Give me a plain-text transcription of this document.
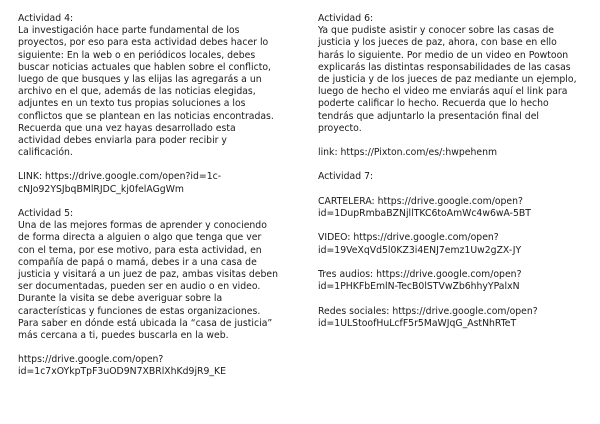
Actividad 4:
La investigación hace parte fundamental de los
proyectos, por eso para esta actividad debes hacer lo
siguiente: En la web o en periódicos locales, debes
buscar noticias actuales que hablen sobre el conflicto,
luego de que busques y las elijas las agregarás a un
archivo en el que, además de las noticias elegidas,
adjuntes en un texto tus propias soluciones a los
conflictos que se plantean en las noticias encontradas.
Recuerda que una vez hayas desarrollado esta
actividad debes enviarla para poder recibir y
calificación.
LINK: https://drive.google.com/open?id=1c-
cNJo92YSJbqBMlRJDC_kj0felAGgWm
Actividad 5:
Una de las mejores formas de aprender y conociendo
de forma directa a alguien o algo que tenga que ver
con el tema, por ese motivo, para esta actividad, en
compañía de papá o mamá, debes ir a una casa de
justicia y visitará a un juez de paz, ambas visitas deben
ser documentadas, pueden ser en audio o en video.
Durante la visita se debe averiguar sobre la
características y funciones de estas organizaciones.
Para saber en dónde está ubicada la “casa de justicia”
más cercana a ti, puedes buscarla en la web.
https://drive.google.com/open?
id=1c7xOYkpTpF3uOD9N7XBRlXhKd9jR9_KE
Actividad 6:
Ya que pudiste asistir y conocer sobre las casas de
justicia y los jueces de paz, ahora, con base en ello
harás lo siguiente. Por medio de un video en Powtoon
explicarás las distintas responsabilidades de las casas
de justicia y de los jueces de paz mediante un ejemplo,
luego de hecho el video me enviarás aquí el link para
poderte calificar lo hecho. Recuerda que lo hecho
tendrás que adjuntarlo la presentación final del
proyecto.
link: https://Pixton.com/es/:hwpehenm
Actividad 7:
CARTELERA: https://drive.google.com/open?
id=1DupRmbaBZNjllTKC6toAmWc4w6wA-5BT
VIDEO: https://drive.google.com/open?
id=19VeXqVd5l0KZ3i4ENJ7emz1Uw2gZX-JY
Tres audios: https://drive.google.com/open?
id=1PHKFbEmlN-TecB0lSTVwZb6hhyYPalxN
Redes sociales: https://drive.google.com/open?
id=1ULStoofHuLcfF5r5MaWJqG_AstNhRTeT
